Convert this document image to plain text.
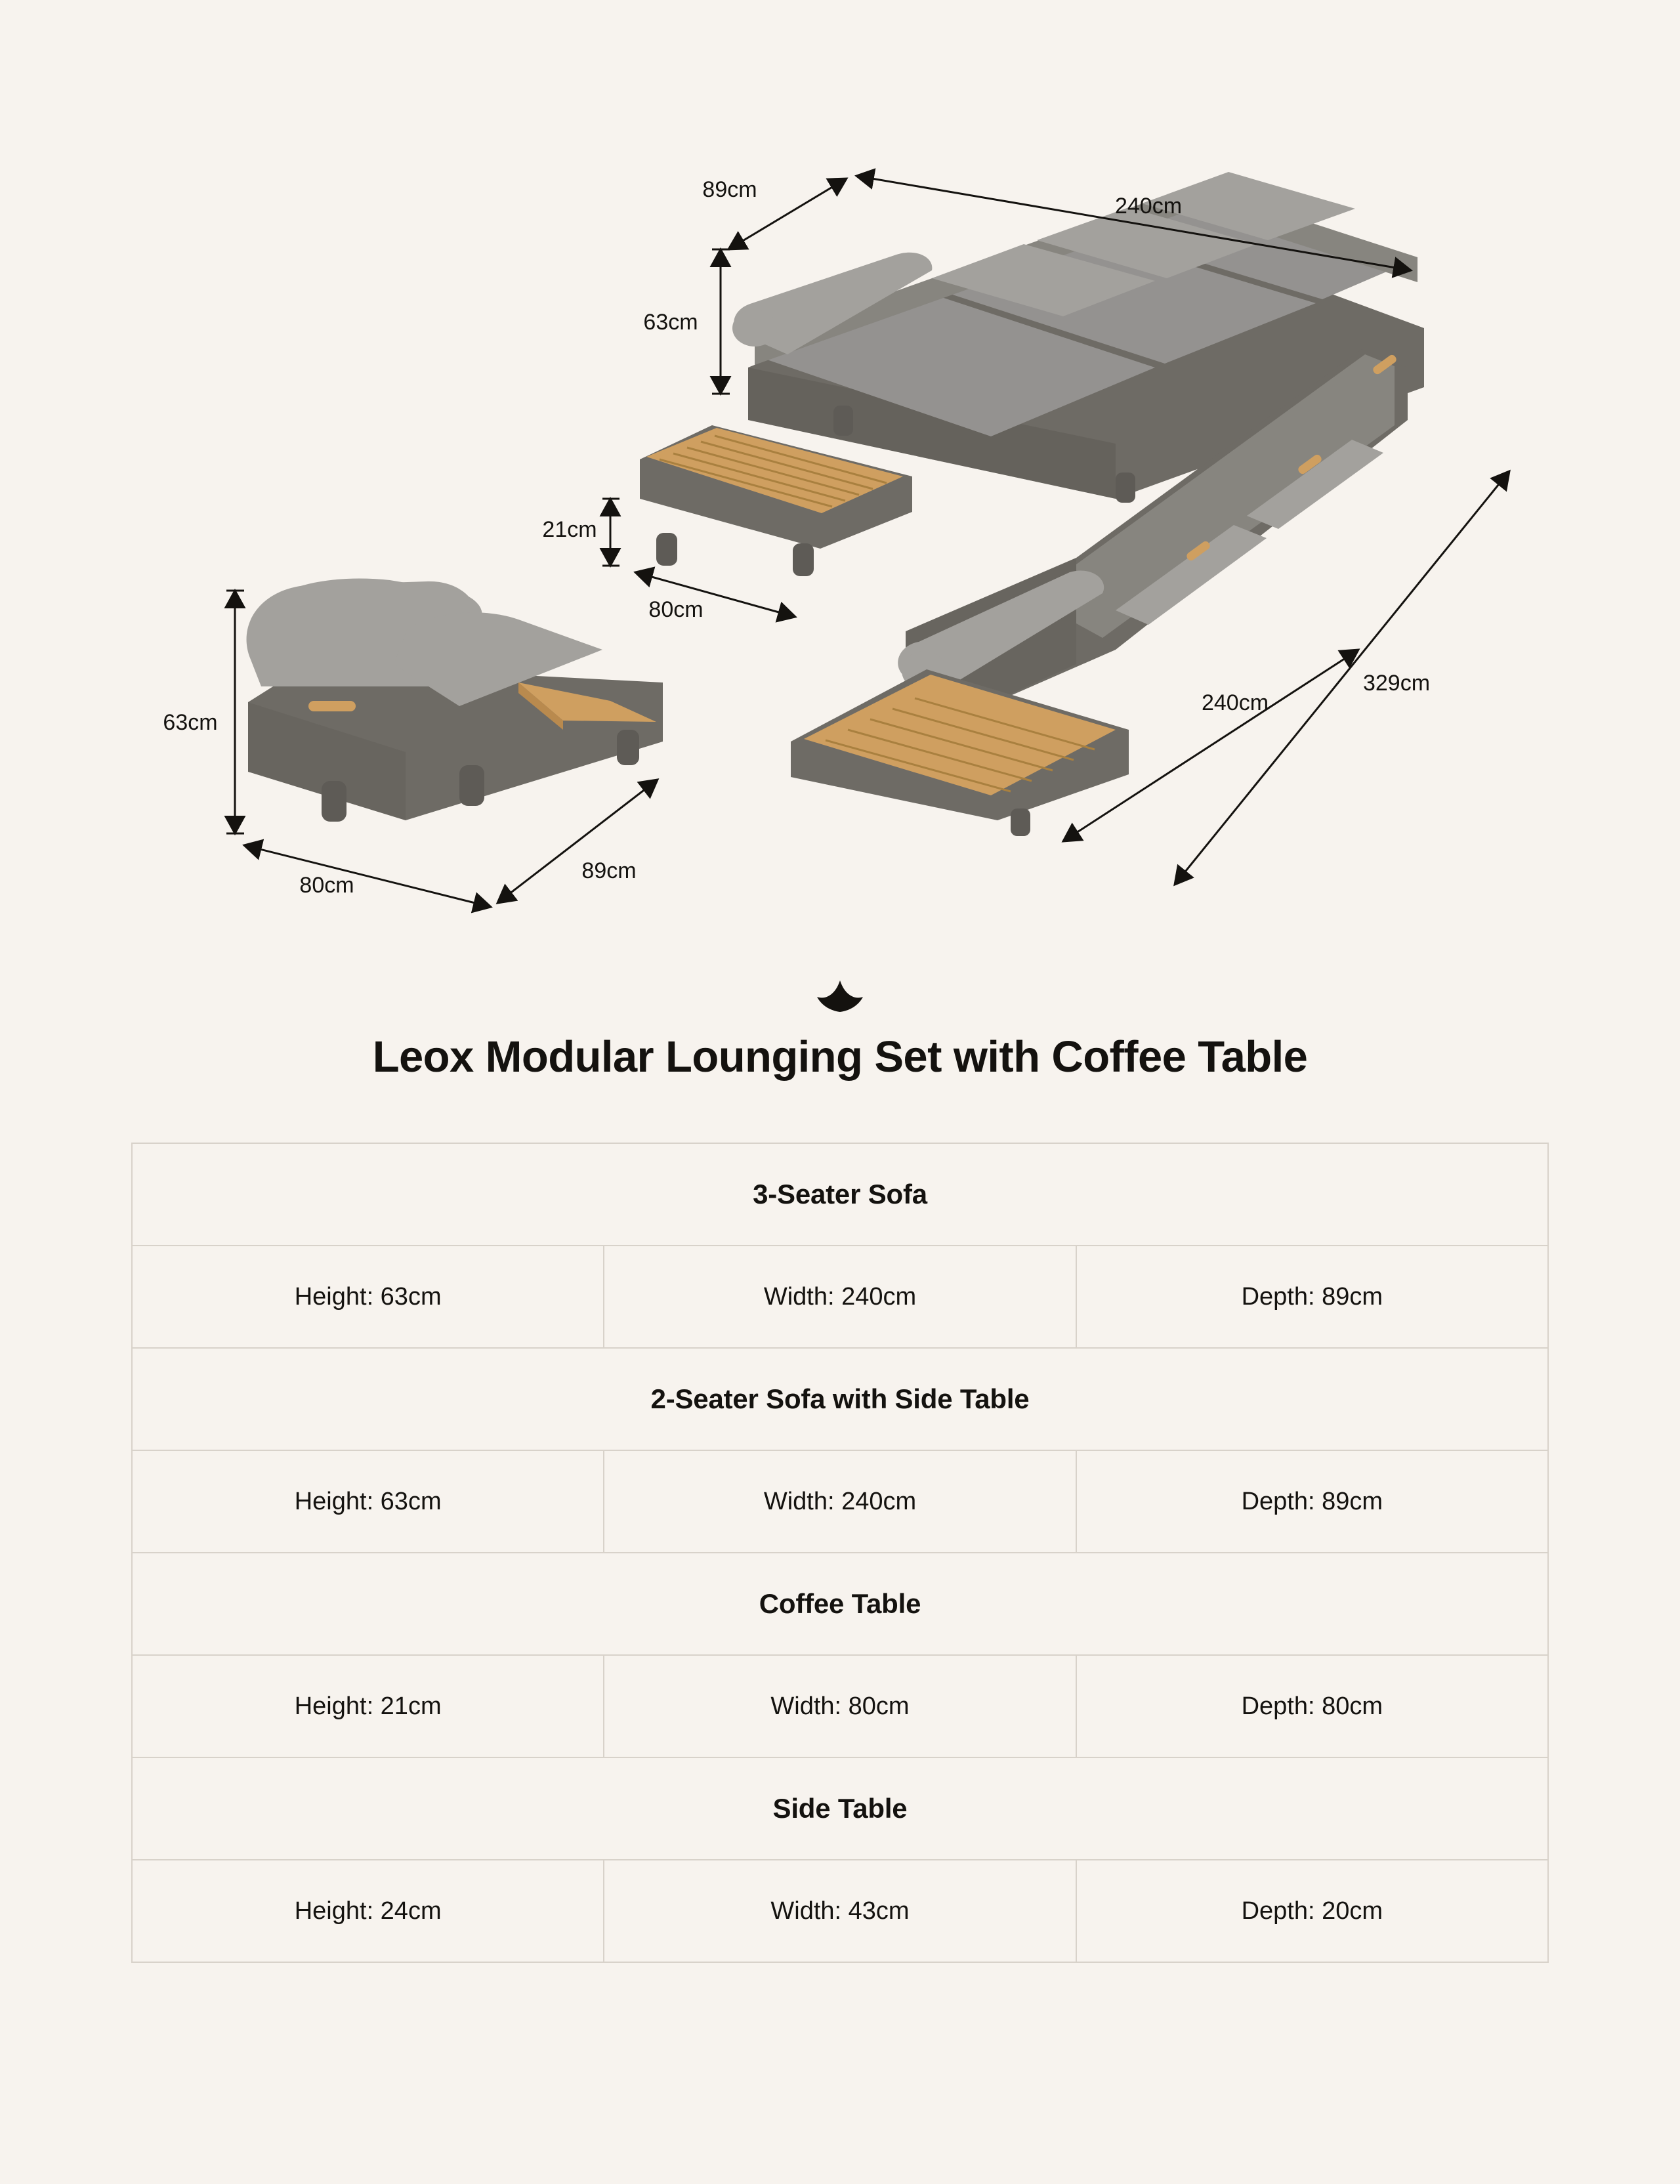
89cm
240cm
63cm
21cm
80cm
240cm
329cm
63cm
80cm
89cm
Leox Modular Lounging Set with Coffee Table
3-Seater Sofa		
Height: 63cm	Width: 240cm	Depth: 89cm
2-Seater Sofa with Side Table		
Height: 63cm	Width: 240cm	Depth: 89cm
Coffee Table		
Height: 21cm	Width: 80cm	Depth: 80cm
Side Table		
Height: 24cm	Width: 43cm	Depth: 20cm
